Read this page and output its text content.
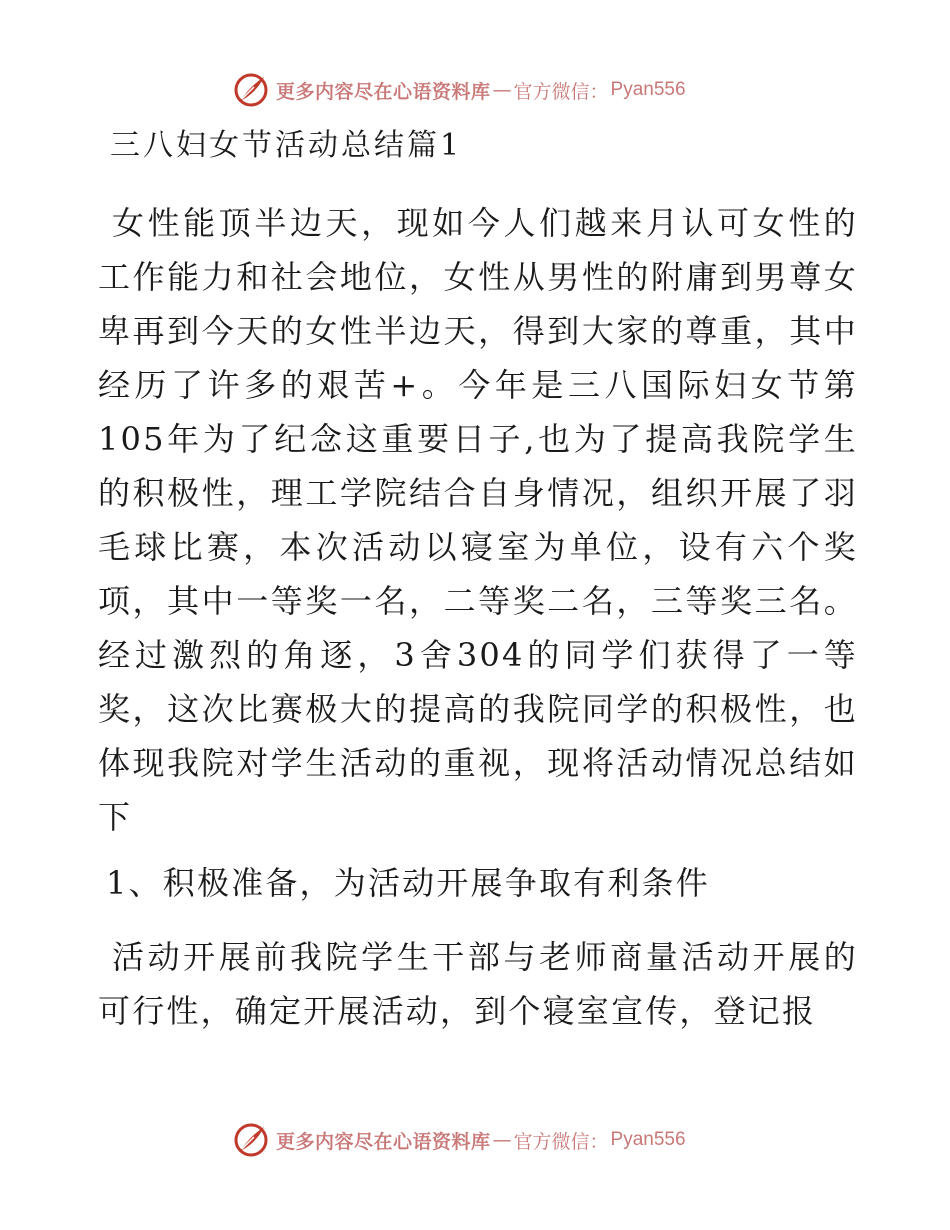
更多内容尽在心语资料库 — 官方微信： Pyan556
三八妇女节活动总结篇1

女性能顶半边天，现如今人们越来月认可女性的工作能力和社会地位，女性从男性的附庸到男尊女卑再到今天的女性半边天，得到大家的尊重，其中经历了许多的艰苦+。今年是三八国际妇女节第105年为了纪念这重要日子,也为了提高我院学生的积极性，理工学院结合自身情况，组织开展了羽毛球比赛，本次活动以寝室为单位，设有六个奖项，其中一等奖一名，二等奖二名，三等奖三名。经过激烈的角逐，3舍304的同学们获得了一等奖，这次比赛极大的提高的我院同学的积极性，也体现我院对学生活动的重视，现将活动情况总结如下

1、积极准备，为活动开展争取有利条件

活动开展前我院学生干部与老师商量活动开展的可行性，确定开展活动，到个寝室宣传，登记报

更多内容尽在心语资料库 — 官方微信： Pyan556
